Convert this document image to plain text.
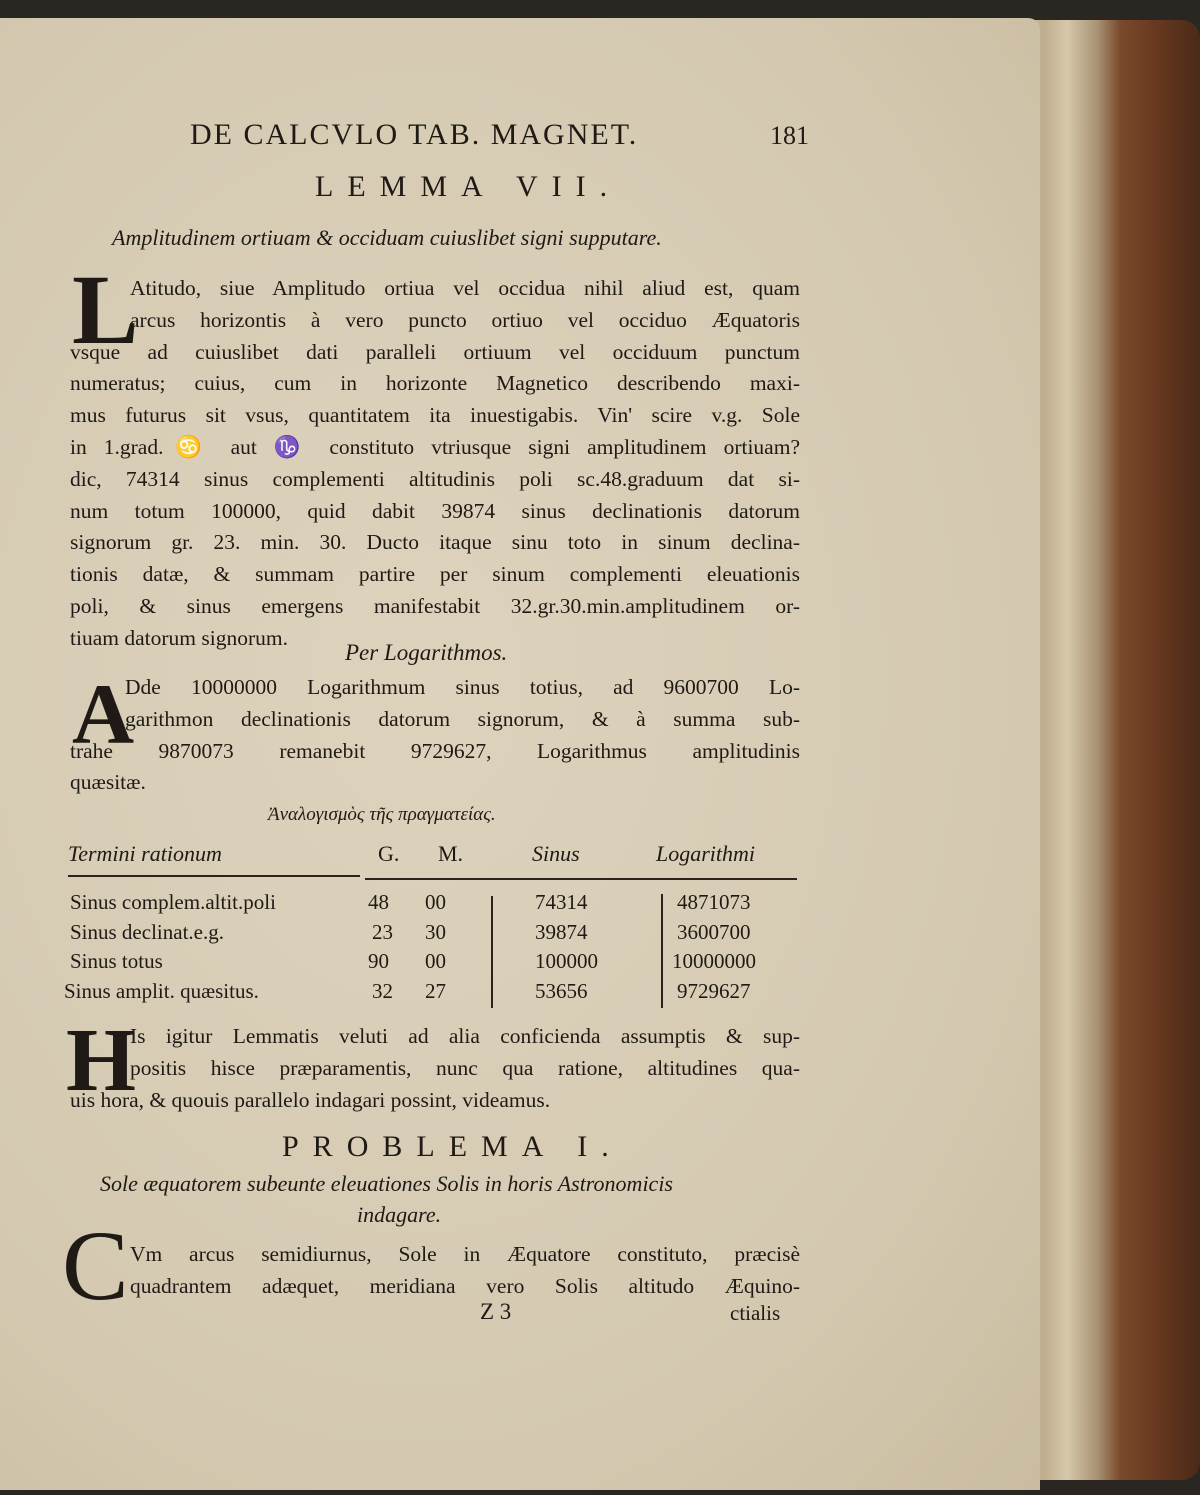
DE CALCVLO TAB. MAGNET.	181
LEMMA VII.
Amplitudinem ortiuam & occiduam cuiuslibet signi supputare.
L
Atitudo, siue Amplitudo ortiua vel occidua nihil aliud est, quam
arcus horizontis à vero puncto ortiuo vel occiduo Æquatoris
vsque ad cuiuslibet dati paralleli ortiuum vel occiduum punctum
numeratus; cuius, cum in horizonte Magnetico describendo maxi-
mus futurus sit vsus, quantitatem ita inuestigabis. Vin' scire v.g. Sole
in 1.grad.♋ aut ♑ constituto vtriusque signi amplitudinem ortiuam?
dic, 74314 sinus complementi altitudinis poli sc.48.graduum dat si-
num totum 100000, quid dabit 39874 sinus declinationis datorum
signorum gr. 23. min. 30. Ducto itaque sinu toto in sinum declina-
tionis datæ, & summam partire per sinum complementi eleuationis
poli, & sinus emergens manifestabit 32.gr.30.min.amplitudinem or-
tiuam datorum signorum.
Per Logarithmos.
A
Dde 10000000 Logarithmum sinus totius, ad 9600700 Lo-
garithmon declinationis datorum signorum, & à summa sub-
trahe 9870073 remanebit 9729627, Logarithmus amplitudinis
quæsitæ.
Ἀναλογισμὸς τῆς πραγματείας.
Termini rationum	G. M.	Sinus	Logarithmi
Sinus complem.altit.poli	48 00	74314	4871073
Sinus declinat.e.g.	23 30	39874	3600700
Sinus totus	90 00	100000	10000000
Sinus amplit. quæsitus.	32 27	53656	9729627
H
Is igitur Lemmatis veluti ad alia conficienda assumptis & sup-
positis hisce præparamentis, nunc qua ratione, altitudines qua-
uis hora, & quouis parallelo indagari possint, videamus.
PROBLEMA I.
Sole æquatorem subeunte eleuationes Solis in horis Astronomicis
indagare.
C Vm arcus semidiurnus, Sole in Æquatore constituto, præcisè
quadrantem adæquet, meridiana vero Solis altitudo Æquino-
Z 3	ctialis
